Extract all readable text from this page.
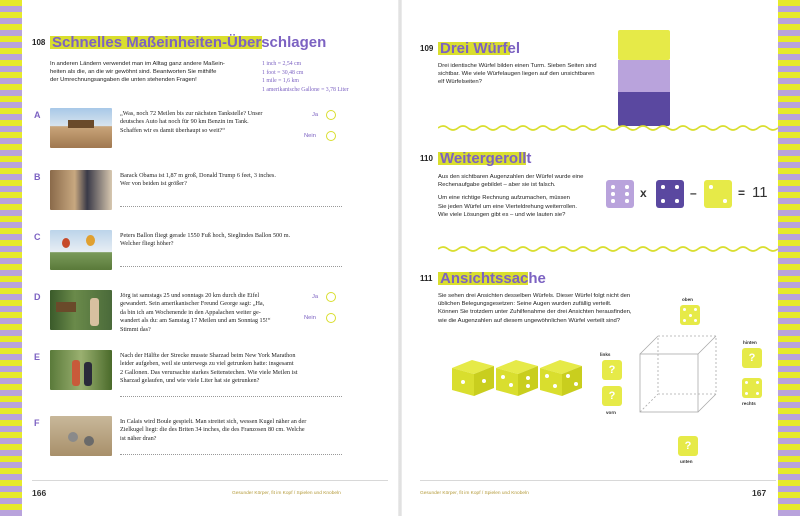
108 Schnelles Maßeinheiten-Überschlagen
In anderen Ländern verwendet man im Alltag ganz andere Maßein-
heiten als die, an die wir gewöhnt sind. Beantworten Sie mithilfe
der Umrechnungsangaben die unten stehenden Fragen!
1 inch = 2,54 cm
1 foot = 30,48 cm
1 mile = 1,6 km
1 amerikanische Gallone = 3,78 Liter
A	„Was, noch 72 Meilen bis zur nächsten Tankstelle? Unser
deutsches Auto hat noch für 90 km Benzin im Tank.
Schaffen wir es damit überhaupt so weit?“
Ja
Nein
B	Barack Obama ist 1,87 m groß, Donald Trump 6 feet, 3 inches.
Wer von beiden ist größer?
C	Peters Ballon fliegt gerade 1550 Fuß hoch, Sieglindes Ballon 500 m.
Welcher fliegt höher?
D	Jörg ist samstags 25 und sonntags 20 km durch die Eifel
gewandert. Sein amerikanischer Freund George sagt: „Ha,
da bin ich am Wochenende in den Appalachen weiter ge-
wandert als du: am Samstag 17 Meilen und am Sonntag 15!“
Stimmt das?
Ja
Nein
E	Nach der Hälfte der Strecke musste Sharzad beim New York Marathon
leider aufgeben, weil sie unterwegs zu viel getrunken hatte: insgesamt
2 Gallonen. Das verursachte starkes Seitenstechen. Wie viele Meilen ist
Sharzad gelaufen, und wie viele Liter hat sie getrunken?
F	In Calais wird Boule gespielt. Man streitet sich, wessen Kugel näher an der
Zielkugel liegt: die des Briten 34 inches, die des Franzosen 80 cm. Welche
ist näher dran?
166	Gesunder Körper, fit im Kopf / Spielen und Knobeln
109 Drei Würfel
Drei identische Würfel bilden einen Turm. Sieben Seiten sind
sichtbar. Wie viele Würfelaugen liegen auf den unsichtbaren
elf Würfelseiten?
110 Weitergerollt
Aus den sichtbaren Augenzahlen der Würfel wurde eine
Rechenaufgabe gebildet – aber sie ist falsch.
Um eine richtige Rechnung aufzumachen, müssen
Sie jeden Würfel um eine Vierteldrehung weiterrollen.
Wie viele Lösungen gibt es – und wie lauten sie?
x	–	= 11
111 Ansichtssache
Sie sehen drei Ansichten desselben Würfels. Dieser Würfel folgt nicht den
üblichen Belegungsgesetzen: Seine Augen wurden zufällig verteilt.
Können Sie trotzdem unter Zuhilfenahme der drei Ansichten herausfinden,
wie die Augenzahlen auf diesem ungewöhnlichen Würfel verteilt sind?
oben
hinten
?
links
?
rechts
?
vorn
?
unten
Gesunder Körper, fit im Kopf / Spielen und Knobeln	167
